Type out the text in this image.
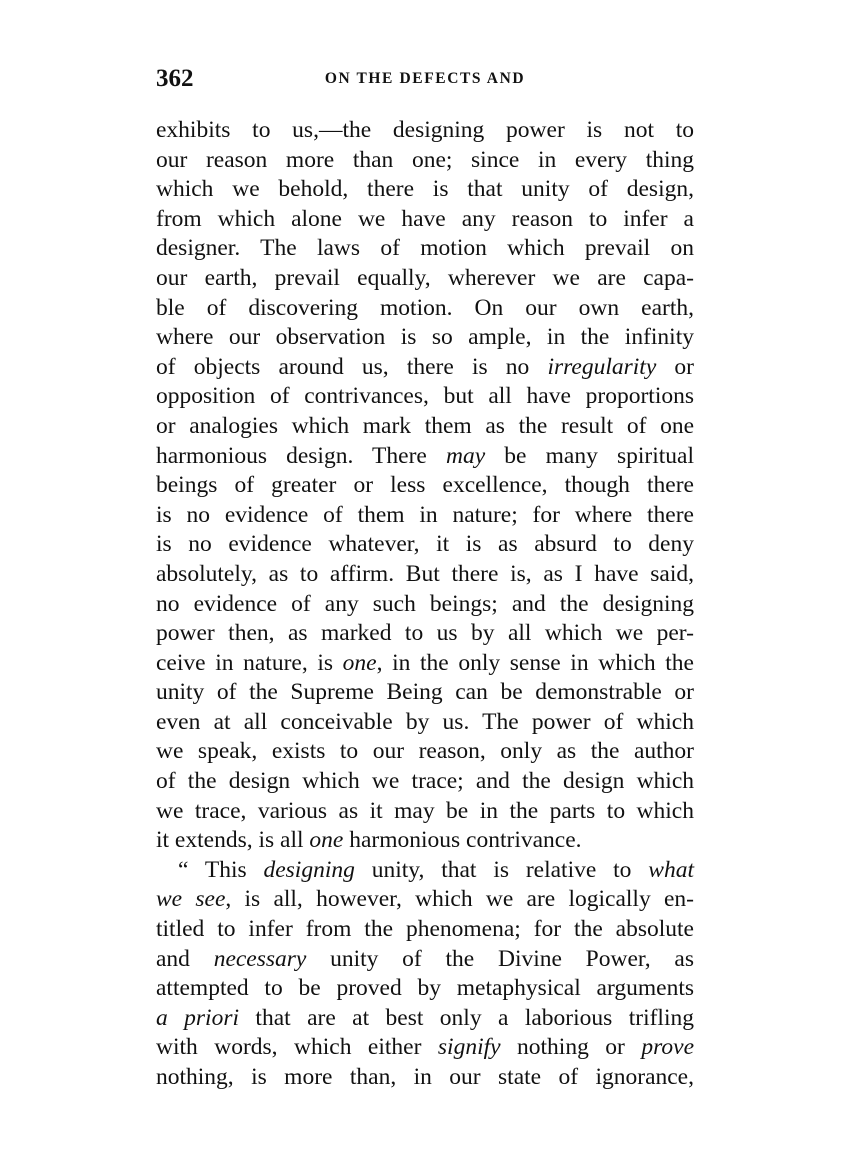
362	ON THE DEFECTS AND
exhibits to us,—the designing power is not to
our reason more than one; since in every thing
which we behold, there is that unity of design,
from which alone we have any reason to infer a
designer. The laws of motion which prevail on
our earth, prevail equally, wherever we are capa-
ble of discovering motion. On our own earth,
where our observation is so ample, in the infinity
of objects around us, there is no irregularity or
opposition of contrivances, but all have proportions
or analogies which mark them as the result of one
harmonious design. There may be many spiritual
beings of greater or less excellence, though there
is no evidence of them in nature; for where there
is no evidence whatever, it is as absurd to deny
absolutely, as to affirm. But there is, as I have said,
no evidence of any such beings; and the designing
power then, as marked to us by all which we per-
ceive in nature, is one, in the only sense in which the
unity of the Supreme Being can be demonstrable or
even at all conceivable by us. The power of which
we speak, exists to our reason, only as the author
of the design which we trace; and the design which
we trace, various as it may be in the parts to which
it extends, is all one harmonious contrivance.
“ This designing unity, that is relative to what
we see, is all, however, which we are logically en-
titled to infer from the phenomena; for the absolute
and necessary unity of the Divine Power, as
attempted to be proved by metaphysical arguments
a priori that are at best only a laborious trifling
with words, which either signify nothing or prove
nothing, is more than, in our state of ignorance,
